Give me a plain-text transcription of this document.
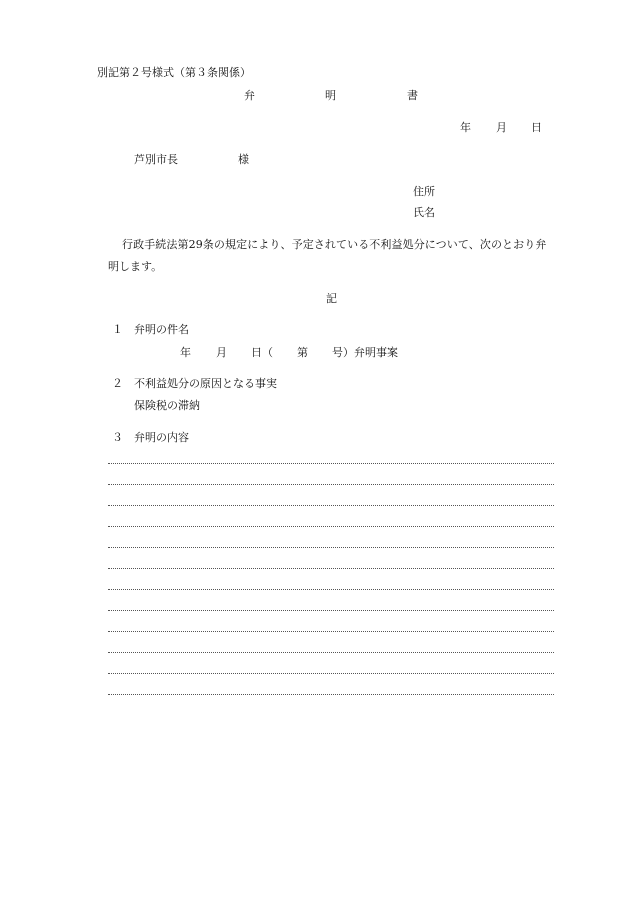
別記第２号様式（第３条関係）
弁	明	書
年 月 日
芦別市長	様
住所
氏名
行政手続法第29条の規定により、予定されている不利益処分について、次のとおり弁
明します。
記
１ 弁明の件名
年 月 日（ 第 号）弁明事案
２ 不利益処分の原因となる事実
保険税の滞納
３ 弁明の内容
